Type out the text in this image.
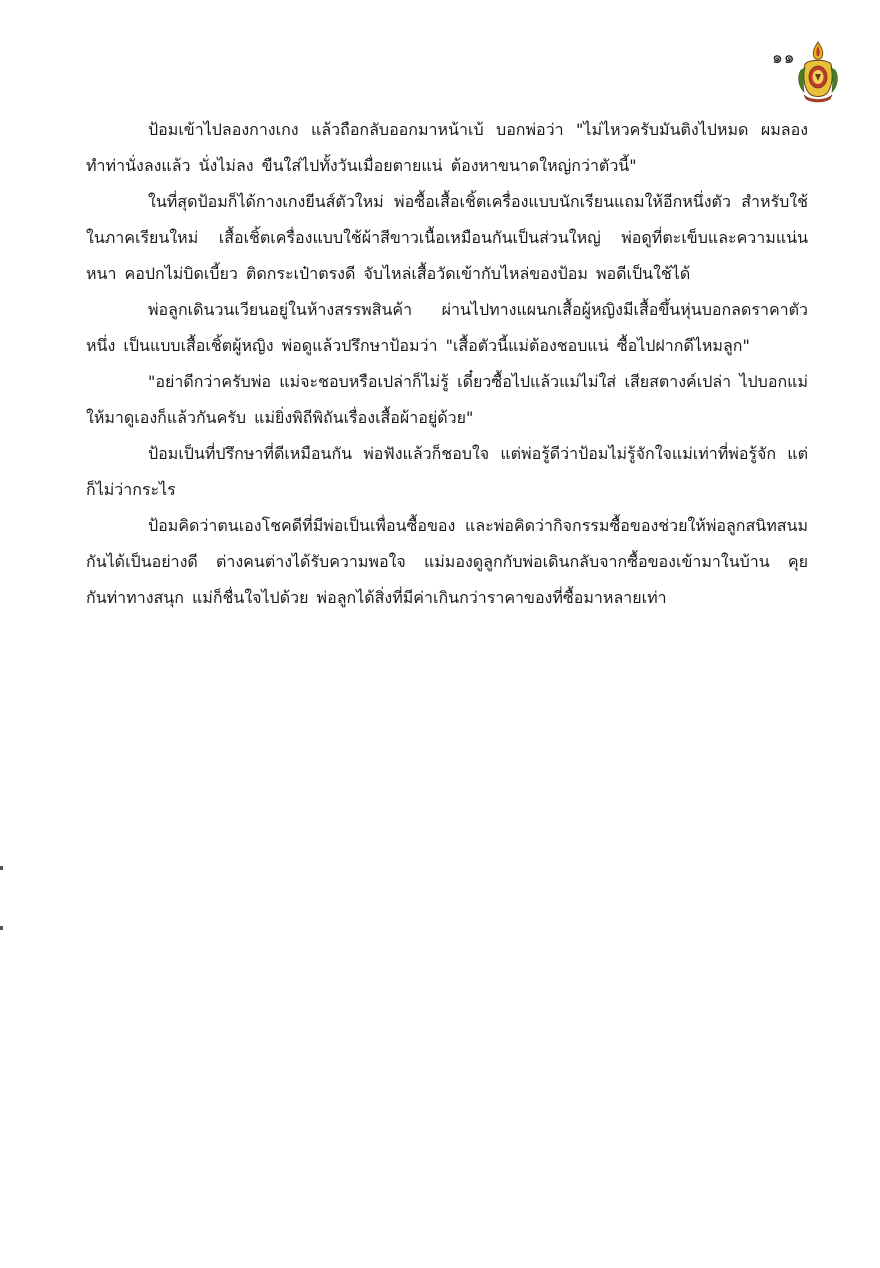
๑๑

ป้อมเข้าไปลองกางเกง แล้วถือกลับออกมาหน้าเบ้ บอกพ่อว่า "ไม่ไหวครับมันติงไปหมด ผมลองทำท่านั่งลงแล้ว นั่งไม่ลง ขืนใส่ไปทั้งวันเมื่อยตายแน่ ต้องหาขนาดใหญ่กว่าตัวนี้"

ในที่สุดป้อมก็ได้กางเกงยีนส์ตัวใหม่ พ่อซื้อเสื้อเชิ้ตเครื่องแบบนักเรียนแถมให้อีกหนึ่งตัว สำหรับใช้ในภาคเรียนใหม่ เสื้อเชิ้ตเครื่องแบบใช้ผ้าสีขาวเนื้อเหมือนกันเป็นส่วนใหญ่ พ่อดูที่ตะเข็บและความแน่นหนา คอปกไม่บิดเบี้ยว ติดกระเป๋าตรงดี จับไหล่เสื้อวัดเข้ากับไหล่ของป้อม พอดีเป็นใช้ได้

พ่อลูกเดินวนเวียนอยู่ในห้างสรรพสินค้า ผ่านไปทางแผนกเสื้อผู้หญิงมีเสื้อขึ้นหุ่นบอกลดราคาตัวหนึ่ง เป็นแบบเสื้อเชิ้ตผู้หญิง พ่อดูแล้วปรึกษาป้อมว่า "เสื้อตัวนี้แม่ต้องชอบแน่ ซื้อไปฝากดีไหมลูก"

"อย่าดีกว่าครับพ่อ แม่จะชอบหรือเปล่าก็ไม่รู้ เดี๋ยวซื้อไปแล้วแม่ไม่ใส่ เสียสตางค์เปล่า ไปบอกแม่ให้มาดูเองก็แล้วกันครับ แม่ยิ่งพิถีพิถันเรื่องเสื้อผ้าอยู่ด้วย"

ป้อมเป็นที่ปรึกษาที่ดีเหมือนกัน พ่อฟังแล้วก็ชอบใจ แต่พ่อรู้ดีว่าป้อมไม่รู้จักใจแม่เท่าที่พ่อรู้จัก แต่ก็ไม่ว่ากระไร

ป้อมคิดว่าตนเองโชคดีที่มีพ่อเป็นเพื่อนซื้อของ และพ่อคิดว่ากิจกรรมซื้อของช่วยให้พ่อลูกสนิทสนมกันได้เป็นอย่างดี ต่างคนต่างได้รับความพอใจ แม่มองดูลูกกับพ่อเดินกลับจากซื้อของเข้ามาในบ้าน คุยกันท่าทางสนุก แม่ก็ชื่นใจไปด้วย พ่อลูกได้สิ่งที่มีค่าเกินกว่าราคาของที่ซื้อมาหลายเท่า
